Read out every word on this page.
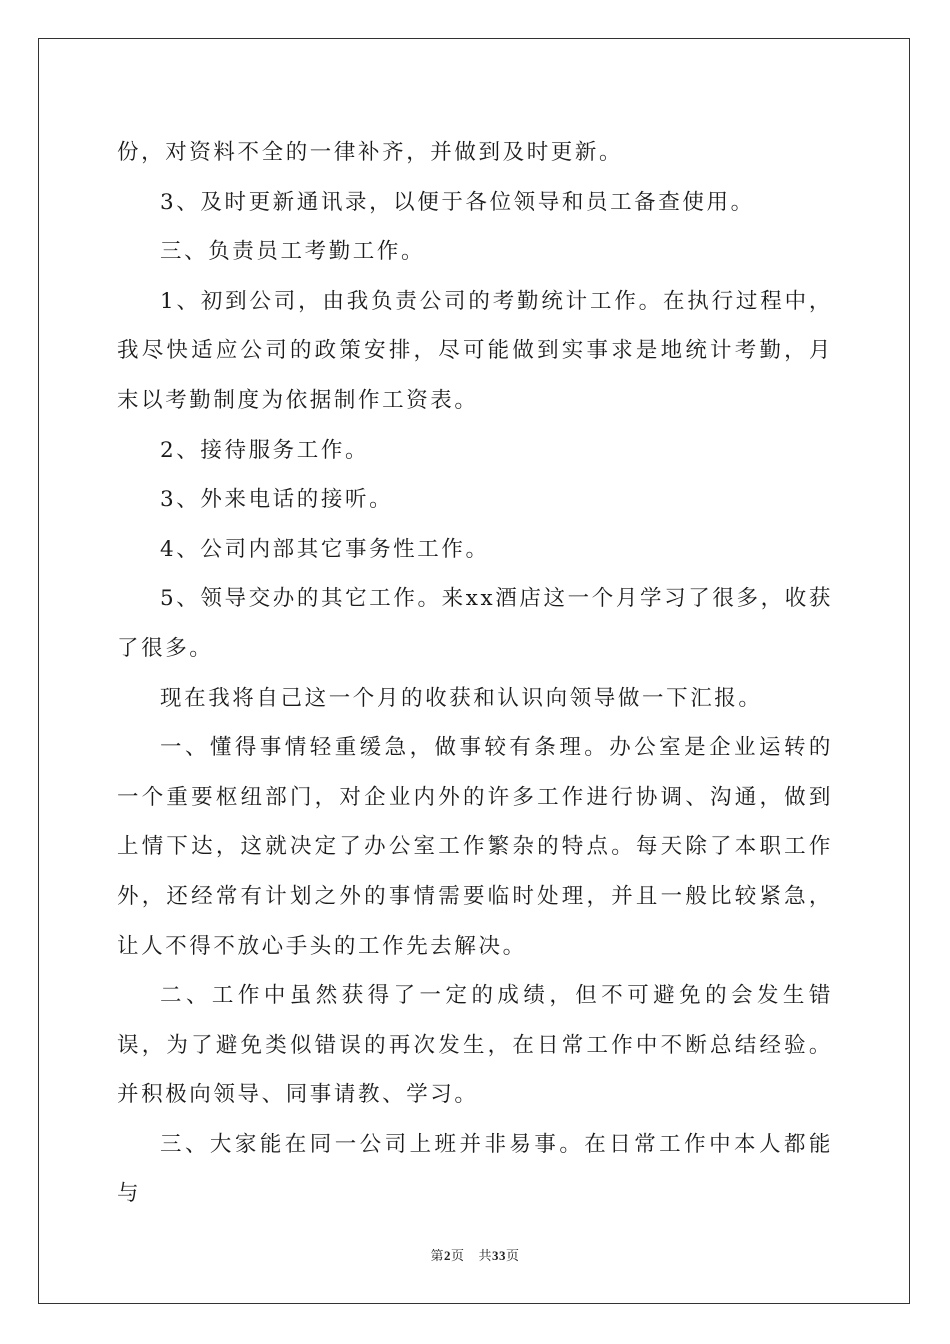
份，对资料不全的一律补齐，并做到及时更新。

3、及时更新通讯录，以便于各位领导和员工备查使用。

三、负责员工考勤工作。

1、初到公司，由我负责公司的考勤统计工作。在执行过程中，我尽快适应公司的政策安排，尽可能做到实事求是地统计考勤，月末以考勤制度为依据制作工资表。

2、接待服务工作。

3、外来电话的接听。

4、公司内部其它事务性工作。

5、领导交办的其它工作。来xx酒店这一个月学习了很多，收获了很多。

现在我将自己这一个月的收获和认识向领导做一下汇报。

一、懂得事情轻重缓急，做事较有条理。办公室是企业运转的一个重要枢纽部门，对企业内外的许多工作进行协调、沟通，做到上情下达，这就决定了办公室工作繁杂的特点。每天除了本职工作外，还经常有计划之外的事情需要临时处理，并且一般比较紧急，让人不得不放心手头的工作先去解决。

二、工作中虽然获得了一定的成绩，但不可避免的会发生错误，为了避免类似错误的再次发生，在日常工作中不断总结经验。并积极向领导、同事请教、学习。

三、大家能在同一公司上班并非易事。在日常工作中本人都能与

第2页 共33页
